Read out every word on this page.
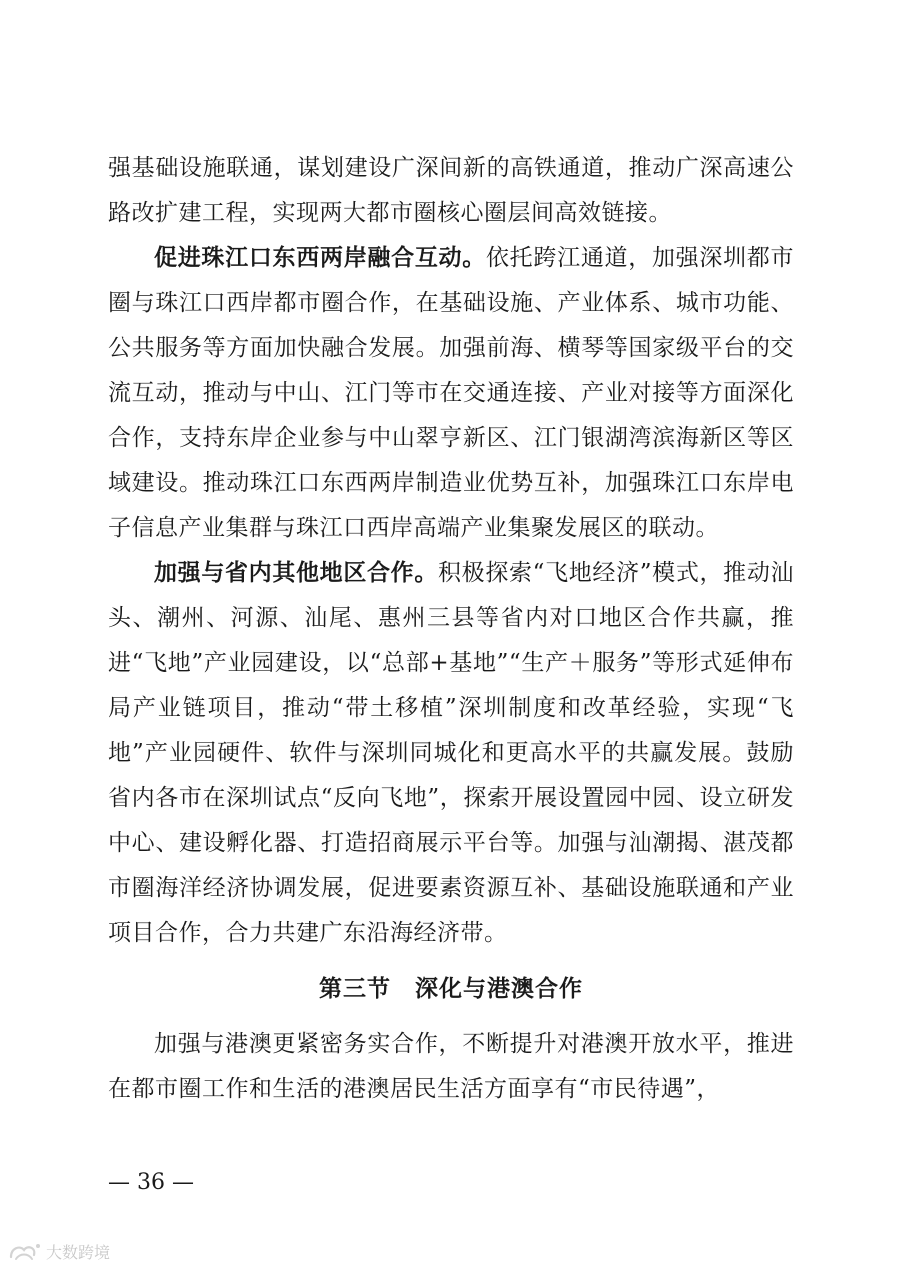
强基础设施联通，谋划建设广深间新的高铁通道，推动广深高速公路改扩建工程，实现两大都市圈核心圈层间高效链接。

促进珠江口东西两岸融合互动。依托跨江通道，加强深圳都市圈与珠江口西岸都市圈合作，在基础设施、产业体系、城市功能、公共服务等方面加快融合发展。加强前海、横琴等国家级平台的交流互动，推动与中山、江门等市在交通连接、产业对接等方面深化合作，支持东岸企业参与中山翠亨新区、江门银湖湾滨海新区等区域建设。推动珠江口东西两岸制造业优势互补，加强珠江口东岸电子信息产业集群与珠江口西岸高端产业集聚发展区的联动。

加强与省内其他地区合作。积极探索“飞地经济”模式，推动汕头、潮州、河源、汕尾、惠州三县等省内对口地区合作共赢，推进“飞地”产业园建设，以“总部+基地”“生产＋服务”等形式延伸布局产业链项目，推动“带土移植”深圳制度和改革经验，实现“飞地”产业园硬件、软件与深圳同城化和更高水平的共赢发展。鼓励省内各市在深圳试点“反向飞地”，探索开展设置园中园、设立研发中心、建设孵化器、打造招商展示平台等。加强与汕潮揭、湛茂都市圈海洋经济协调发展，促进要素资源互补、基础设施联通和产业项目合作，合力共建广东沿海经济带。

第三节　深化与港澳合作

加强与港澳更紧密务实合作，不断提升对港澳开放水平，推进在都市圈工作和生活的港澳居民生活方面享有“市民待遇”，

— 36 —
大数跨境
